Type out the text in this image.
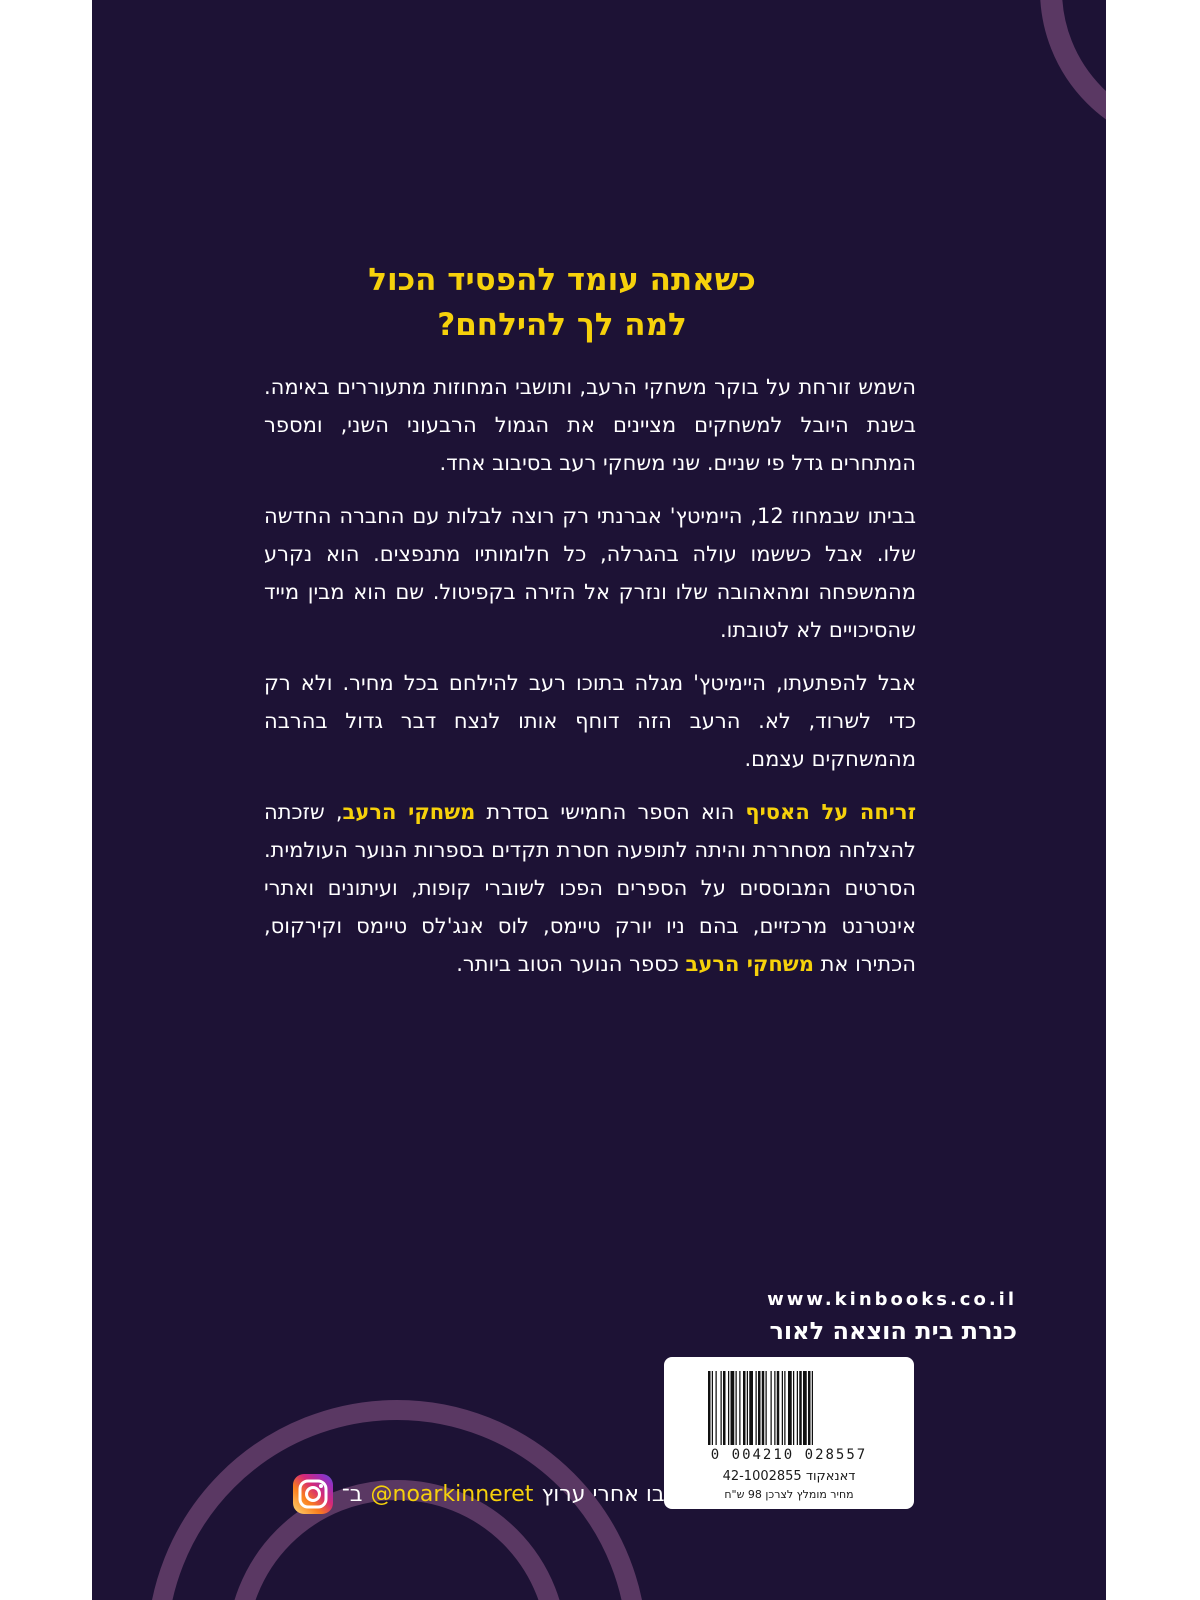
כשאתה עומד להפסיד הכול
למה לך להילחם?

השמש זורחת על בוקר משחקי הרעב, ותושבי המחוזות מתעוררים באימה. בשנת היובל למשחקים מציינים את הגמול הרבעוני השני, ומספר המתחרים גדל פי שניים. שני משחקי רעב בסיבוב אחד.

בביתו שבמחוז 12, היימיטץ' אברנתי רק רוצה לבלות עם החברה החדשה שלו. אבל כששמו עולה בהגרלה, כל חלומותיו מתנפצים. הוא נקרע מהמשפחה ומהאהובה שלו ונזרק אל הזירה בקפיטול. שם הוא מבין מייד שהסיכויים לא לטובתו.

אבל להפתעתו, היימיטץ' מגלה בתוכו רעב להילחם בכל מחיר. ולא רק כדי לשרוד, לא. הרעב הזה דוחף אותו לנצח דבר גדול בהרבה מהמשחקים עצמם.

זריחה על האסיף הוא הספר החמישי בסדרת משחקי הרעב, שזכתה להצלחה מסחררת והיתה לתופעה חסרת תקדים בספרות הנוער העולמית. הסרטים המבוססים על הספרים הפכו לשוברי קופות, ועיתונים ואתרי אינטרנט מרכזיים, בהם ניו יורק טיימס, לוס אנג'לס טיימס וקירקוס, הכתירו את משחקי הרעב כספר הנוער הטוב ביותר.

www.kinbooks.co.il
כנרת בית הוצאה לאור
0 004210 028557
דאנאקוד 42-1002855
מחיר מומלץ לצרכן 98 ש"ח
עקבו אחרי ערוץ
@noarkinneret
ב־
